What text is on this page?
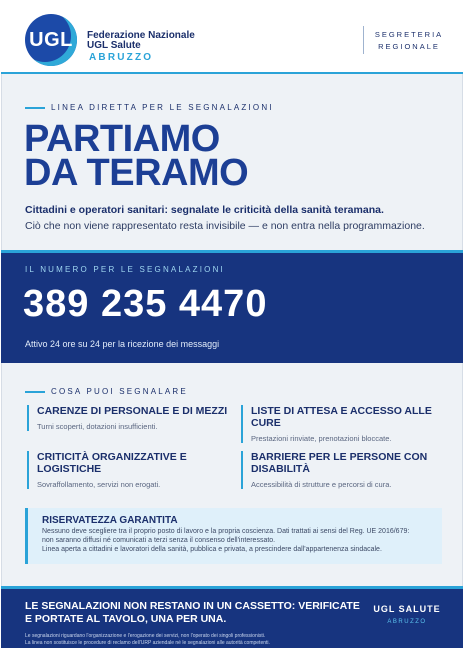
UGL Federazione Nazionale
UGL Salute
ABRUZZO
SEGRETERIA
REGIONALE
LINEA DIRETTA PER LE SEGNALAZIONI
PARTIAMO
DA TERAMO
Cittadini e operatori sanitari: segnalate le criticità della sanità teramana.
Ciò che non viene rappresentato resta invisibile — e non entra nella programmazione.
IL NUMERO PER LE SEGNALAZIONI
389 235 4470
Attivo 24 ore su 24 per la ricezione dei messaggi
COSA PUOI SEGNALARE
CARENZE DI PERSONALE E DI MEZZI
Turni scoperti, dotazioni insufficienti.
LISTE DI ATTESA E ACCESSO ALLE CURE
Prestazioni rinviate, prenotazioni bloccate.
CRITICITÀ ORGANIZZATIVE E LOGISTICHE
Sovraffollamento, servizi non erogati.
BARRIERE PER LE PERSONE CON DISABILITÀ
Accessibilità di strutture e percorsi di cura.
RISERVATEZZA GARANTITA
Nessuno deve scegliere tra il proprio posto di lavoro e la propria coscienza. Dati trattati ai sensi del Reg. UE 2016/679:
non saranno diffusi né comunicati a terzi senza il consenso dell'interessato.
Linea aperta a cittadini e lavoratori della sanità, pubblica e privata, a prescindere dall'appartenenza sindacale.
LE SEGNALAZIONI NON RESTANO IN UN CASSETTO: VERIFICATE
E PORTATE AL TAVOLO, UNA PER UNA.
UGL SALUTE
ABRUZZO
Le segnalazioni riguardano l'organizzazione e l'erogazione dei servizi, non l'operato dei singoli professionisti.
La linea non sostituisce le procedure di reclamo dell'URP aziendale né le segnalazioni alle autorità competenti.
